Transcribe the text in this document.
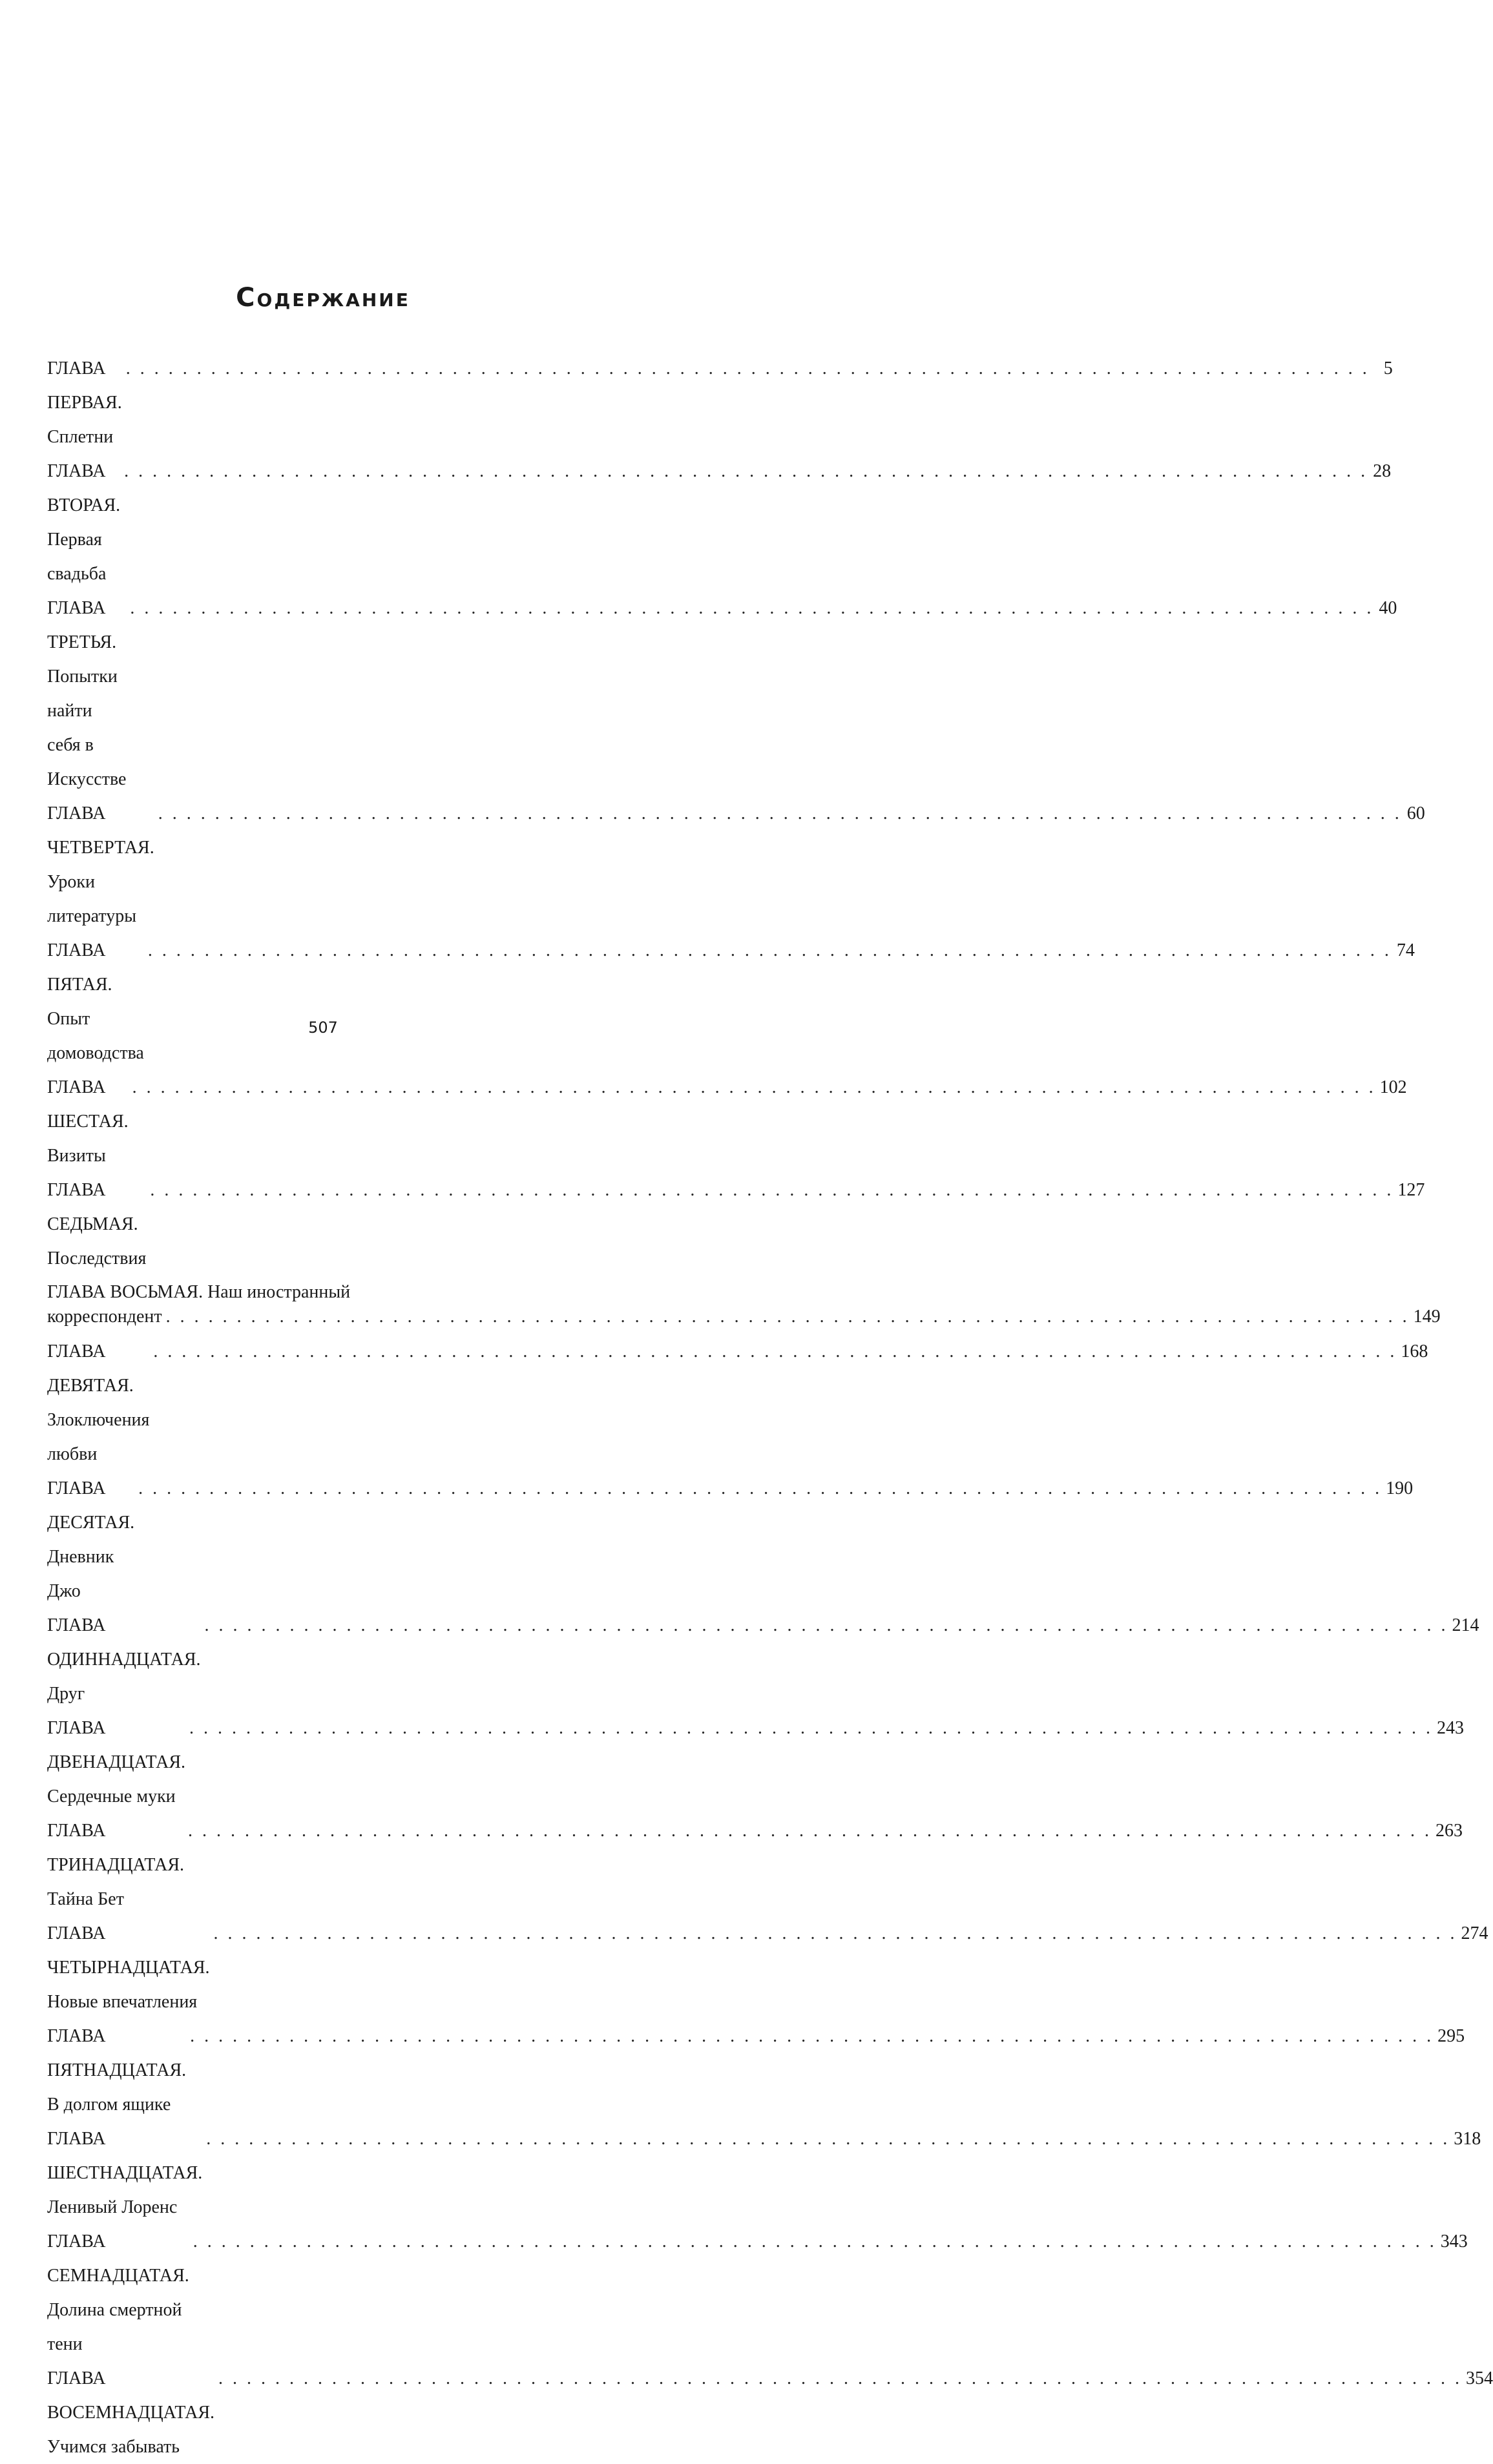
Содержание
ГЛАВА ПЕРВАЯ. Сплетни
. . .
5
ГЛАВА ВТОРАЯ. Первая свадьба
. . .
28
ГЛАВА ТРЕТЬЯ. Попытки найти себя в Искусстве
. . .
40
ГЛАВА ЧЕТВЕРТАЯ. Уроки литературы
. . .
60
ГЛАВА ПЯТАЯ. Опыт домоводства
. . .
74
ГЛАВА ШЕСТАЯ. Визиты
. . .
102
ГЛАВА СЕДЬМАЯ. Последствия
. . .
127
ГЛАВА ВОСЬМАЯ. Наш иностранный
корреспондент
. . .	149
ГЛАВА ДЕВЯТАЯ. Злоключения любви
. . .
168
ГЛАВА ДЕСЯТАЯ. Дневник Джо
. . .
190
ГЛАВА ОДИННАДЦАТАЯ. Друг
. . .
214
ГЛАВА ДВЕНАДЦАТАЯ. Сердечные муки
. . .
243
ГЛАВА ТРИНАДЦАТАЯ. Тайна Бет
. . .
263
ГЛАВА ЧЕТЫРНАДЦАТАЯ. Новые впечатления
. . .
274
ГЛАВА ПЯТНАДЦАТАЯ. В долгом ящике
. . .
295
ГЛАВА ШЕСТНАДЦАТАЯ. Ленивый Лоренс
. . .
318
ГЛАВА СЕМНАДЦАТАЯ. Долина смертной тени
. . .
343
ГЛАВА ВОСЕМНАДЦАТАЯ. Учимся забывать
. . .
354
507
